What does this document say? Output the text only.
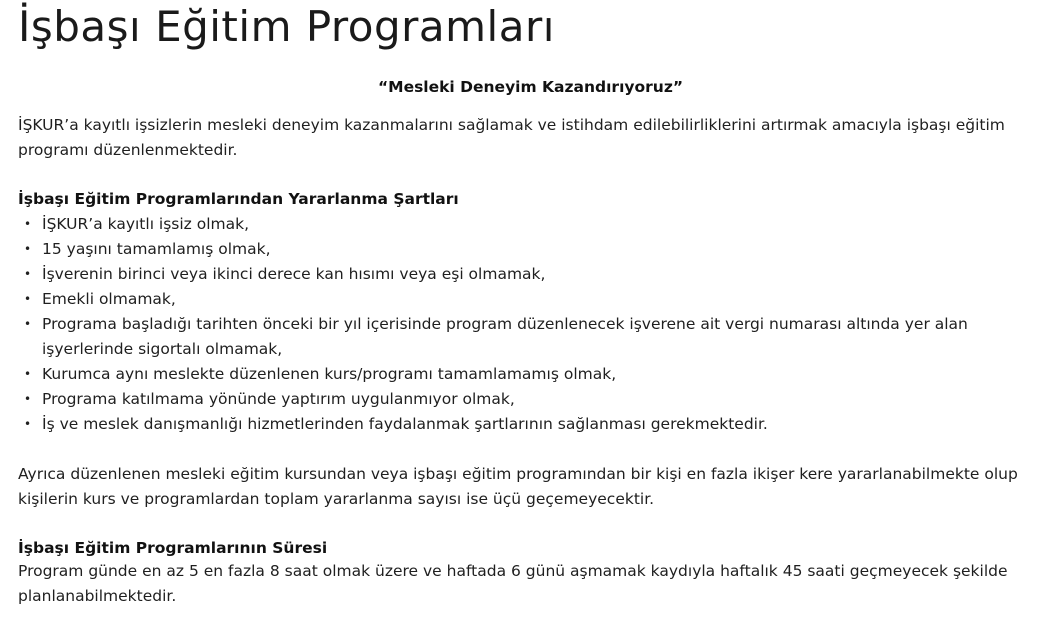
İşbaşı Eğitim Programları

“Mesleki Deneyim Kazandırıyoruz”

İŞKUR’a kayıtlı işsizlerin mesleki deneyim kazanmalarını sağlamak ve istihdam edilebilirliklerini artırmak amacıyla işbaşı eğitim programı düzenlenmektedir.

İşbaşı Eğitim Programlarından Yararlanma Şartları

• İŞKUR’a kayıtlı işsiz olmak,
• 15 yaşını tamamlamış olmak,
• İşverenin birinci veya ikinci derece kan hısımı veya eşi olmamak,
• Emekli olmamak,
• Programa başladığı tarihten önceki bir yıl içerisinde program düzenlenecek işverene ait vergi numarası altında yer alan işyerlerinde sigortalı olmamak,
• Kurumca aynı meslekte düzenlenen kurs/programı tamamlamamış olmak,
• Programa katılmama yönünde yaptırım uygulanmıyor olmak,
• İş ve meslek danışmanlığı hizmetlerinden faydalanmak şartlarının sağlanması gerekmektedir.

Ayrıca düzenlenen mesleki eğitim kursundan veya işbaşı eğitim programından bir kişi en fazla ikişer kere yararlanabilmekte olup kişilerin kurs ve programlardan toplam yararlanma sayısı ise üçü geçemeyecektir.

İşbaşı Eğitim Programlarının Süresi

Program günde en az 5 en fazla 8 saat olmak üzere ve haftada 6 günü aşmamak kaydıyla haftalık 45 saati geçmeyecek şekilde planlanabilmektedir.
